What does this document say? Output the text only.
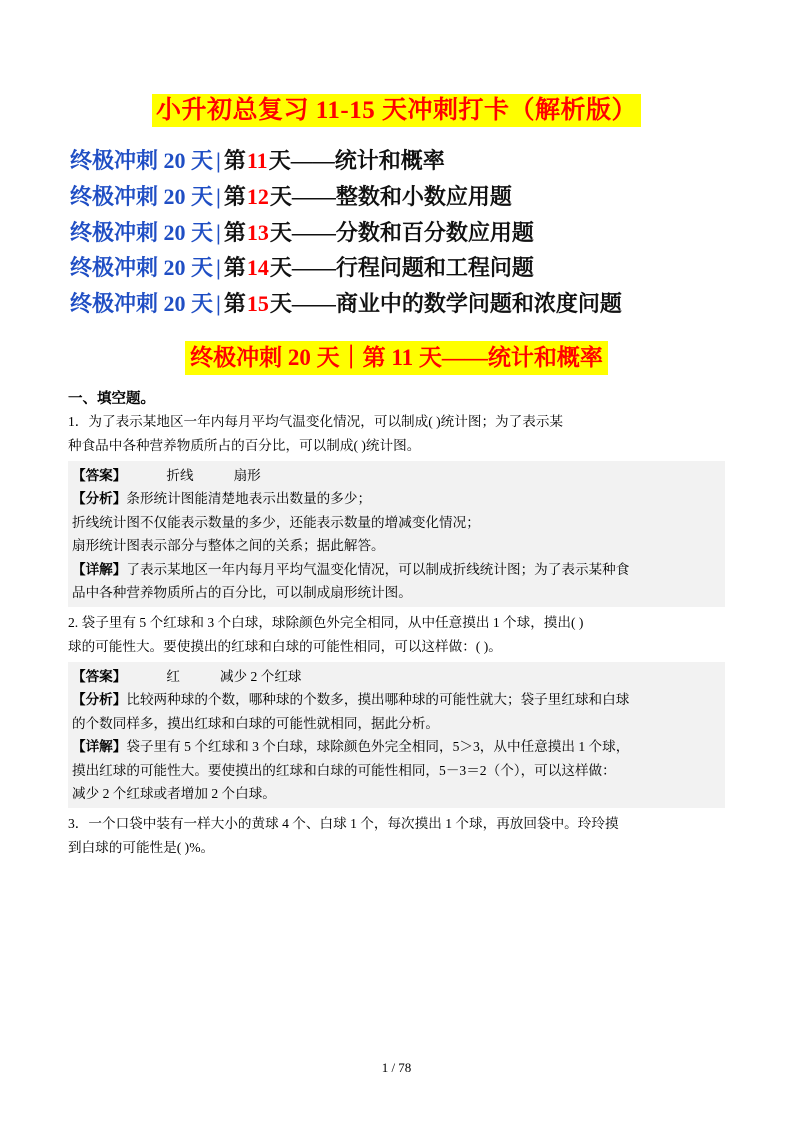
小升初总复习 11-15 天冲刺打卡（解析版）
终极冲刺 20 天 | 第11天——统计和概率
终极冲刺 20 天 | 第12天——整数和小数应用题
终极冲刺 20 天 | 第13天——分数和百分数应用题
终极冲刺 20 天 | 第14天——行程问题和工程问题
终极冲刺 20 天 | 第15天——商业中的数学问题和浓度问题
终极冲刺 20 天｜第 11 天——统计和概率
一、填空题。

1．为了表示某地区一年内每月平均气温变化情况，可以制成( )统计图；为了表示某

种食品中各种营养物质所占的百分比，可以制成( )统计图。

【答案】	折线	扇形

【分析】条形统计图能清楚地表示出数量的多少；

折线统计图不仅能表示数量的多少，还能表示数量的增减变化情况；

扇形统计图表示部分与整体之间的关系；据此解答。

【详解】了表示某地区一年内每月平均气温变化情况，可以制成折线统计图；为了表示某种食

品中各种营养物质所占的百分比，可以制成扇形统计图。

2. 袋子里有 5 个红球和 3 个白球，球除颜色外完全相同，从中任意摸出 1 个球，摸出( )

球的可能性大。要使摸出的红球和白球的可能性相同，可以这样做：( )。

【答案】	红	减少 2 个红球

【分析】比较两种球的个数，哪种球的个数多，摸出哪种球的可能性就大；袋子里红球和白球

的个数同样多，摸出红球和白球的可能性就相同，据此分析。

【详解】袋子里有 5 个红球和 3 个白球，球除颜色外完全相同，5＞3，从中任意摸出 1 个球，

摸出红球的可能性大。要使摸出的红球和白球的可能性相同，5－3＝2（个），可以这样做：

减少 2 个红球或者增加 2 个白球。

3．一个口袋中装有一样大小的黄球 4 个、白球 1 个，每次摸出 1 个球，再放回袋中。玲玲摸

到白球的可能性是( )%。

1 / 78
